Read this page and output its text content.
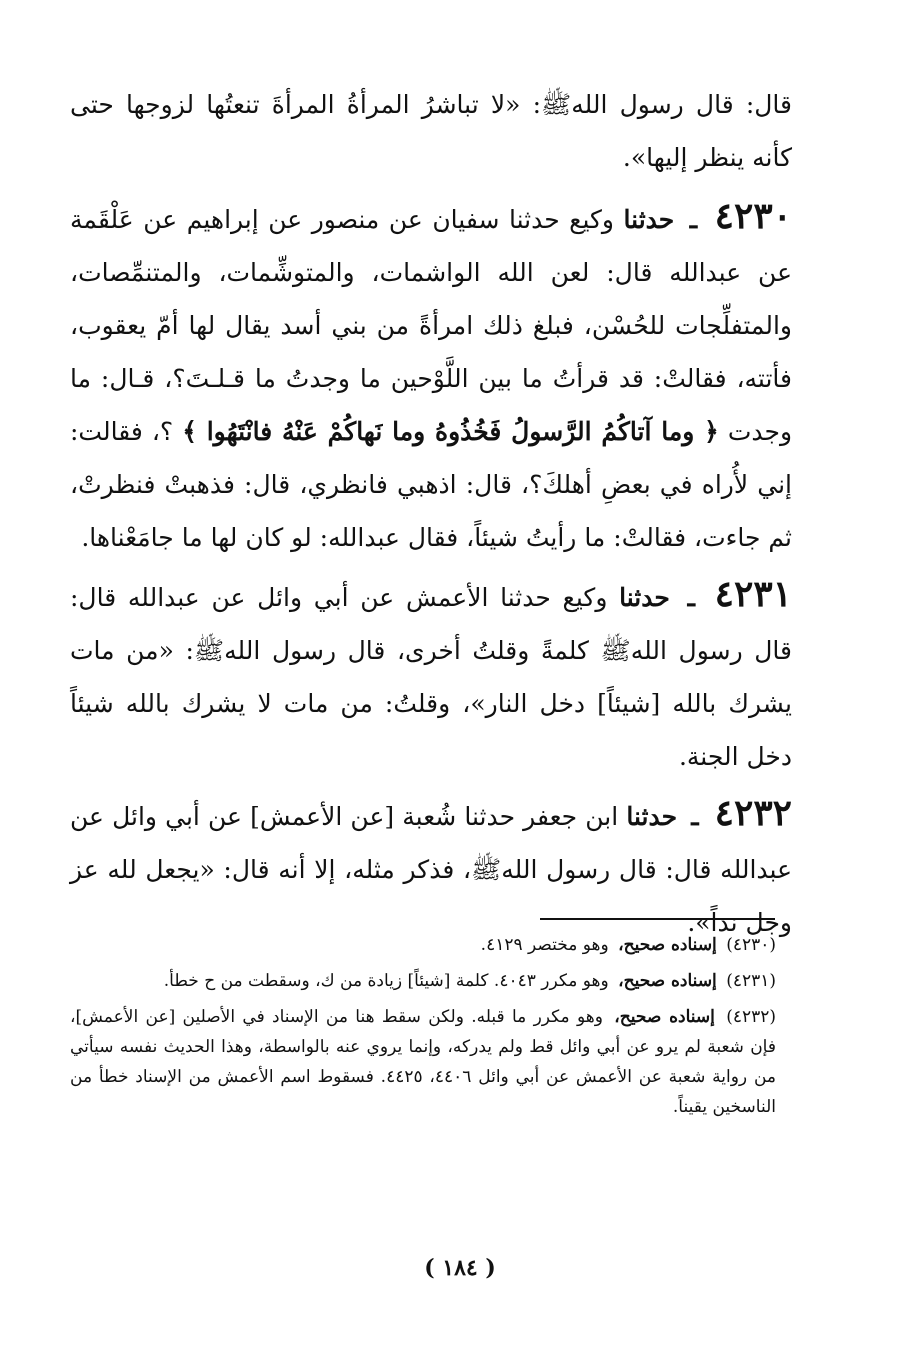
قال: قال رسول اللهﷺ: «لا تباشرُ المرأةُ المرأةَ تنعتُها لزوجها حتى كأنه ينظر إليها».

٤٢٣٠ ـ حدثنا وكيع حدثنا سفيان عن منصور عن إبراهيم عن عَلْقَمة عن عبدالله قال: لعن الله الواشمات، والمتوشِّمات، والمتنمِّصات، والمتفلِّجات للحُسْن، فبلغ ذلك امرأةً من بني أسد يقال لها أمّ يعقوب، فأتته، فقالتْ: قد قرأتُ ما بين اللَّوْحين ما وجدتُ ما قـلـتَ؟، قـال: ما وجدت ﴿ وما آتاكُمُ الرَّسولُ فَخُذُوهُ وما نَهاكُمْ عَنْهُ فانْتَهُوا ﴾ ؟، فقالت: إني لأُراه في بعضِ أهلكَ؟، قال: اذهبي فانظري، قال: فذهبتْ فنظرتْ، ثم جاءت، فقالتْ: ما رأيتُ شيئاً، فقال عبدالله: لو كان لها ما جامَعْناها.

٤٢٣١ ـ حدثنا وكيع حدثنا الأعمش عن أبي وائل عن عبدالله قال: قال رسول اللهﷺ كلمةً وقلتُ أخرى، قال رسول اللهﷺ: «من مات يشرك بالله [شيئاً] دخل النار»، وقلتُ: من مات لا يشرك بالله شيئاً دخل الجنة.

٤٢٣٢ ـ حدثنا ابن جعفر حدثنا شُعبة [عن الأعمش] عن أبي وائل عن عبدالله قال: قال رسول اللهﷺ، فذكر مثله، إلا أنه قال: «يجعل لله عز وجل نداً».

(٤٢٣٠) إسناده صحيح، وهو مختصر ٤١٢٩.

(٤٢٣١) إسناده صحيح، وهو مكرر ٤٠٤٣. كلمة [شيئاً] زيادة من ك، وسقطت من ح خطأ.

(٤٢٣٢) إسناده صحيح، وهو مكرر ما قبله. ولكن سقط هنا من الإسناد في الأصلين [عن الأعمش]، فإن شعبة لم يرو عن أبي وائل قط ولم يدركه، وإنما يروي عنه بالواسطة، وهذا الحديث نفسه سيأتي من رواية شعبة عن الأعمش عن أبي وائل ٤٤٠٦، ٤٤٢٥. فسقوط اسم الأعمش من الإسناد خطأ من الناسخين يقيناً.

( ١٨٤ )
